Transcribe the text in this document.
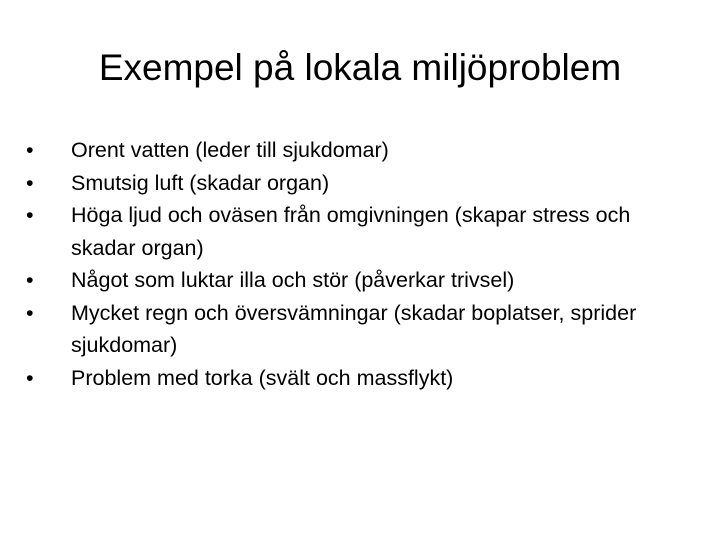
Exempel på lokala miljöproblem
•	Orent vatten (leder till sjukdomar)
•	Smutsig luft (skadar organ)
•	Höga ljud och oväsen från omgivningen (skapar stress och skadar organ)
•	Något som luktar illa och stör (påverkar trivsel)
•	Mycket regn och översvämningar (skadar boplatser, sprider sjukdomar)
•	Problem med torka (svält och massflykt)
